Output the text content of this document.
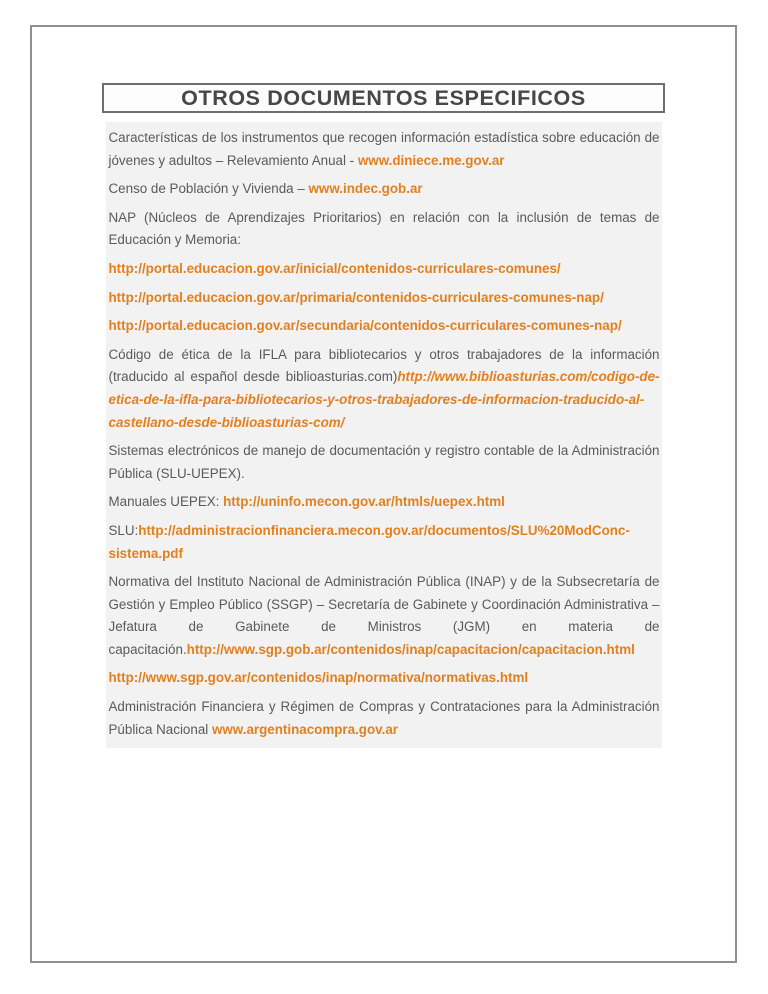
OTROS DOCUMENTOS ESPECIFICOS

Características de los instrumentos que recogen información estadística sobre educación de jóvenes y adultos – Relevamiento Anual - www.diniece.me.gov.ar

Censo de Población y Vivienda – www.indec.gob.ar

NAP (Núcleos de Aprendizajes Prioritarios) en relación con la inclusión de temas de Educación y Memoria:

http://portal.educacion.gov.ar/inicial/contenidos-curriculares-comunes/

http://portal.educacion.gov.ar/primaria/contenidos-curriculares-comunes-nap/

http://portal.educacion.gov.ar/secundaria/contenidos-curriculares-comunes-nap/

Código de ética de la IFLA para bibliotecarios y otros trabajadores de la información (traducido al español desde biblioasturias.com)http://www.biblioasturias.com/codigo-de-etica-de-la-ifla-para-bibliotecarios-y-otros-trabajadores-de-informacion-traducido-al-castellano-desde-biblioasturias-com/

Sistemas electrónicos de manejo de documentación y registro contable de la Administración Pública (SLU-UEPEX).

Manuales UEPEX: http://uninfo.mecon.gov.ar/htmls/uepex.html

SLU:http://administracionfinanciera.mecon.gov.ar/documentos/SLU%20ModConc-sistema.pdf

Normativa del Instituto Nacional de Administración Pública (INAP) y de la Subsecretaría de Gestión y Empleo Público (SSGP) – Secretaría de Gabinete y Coordinación Administrativa – Jefatura de Gabinete de Ministros (JGM) en materia de capacitación.http://www.sgp.gob.ar/contenidos/inap/capacitacion/capacitacion.html

http://www.sgp.gov.ar/contenidos/inap/normativa/normativas.html

Administración Financiera y Régimen de Compras y Contrataciones para la Administración Pública Nacional www.argentinacompra.gov.ar
